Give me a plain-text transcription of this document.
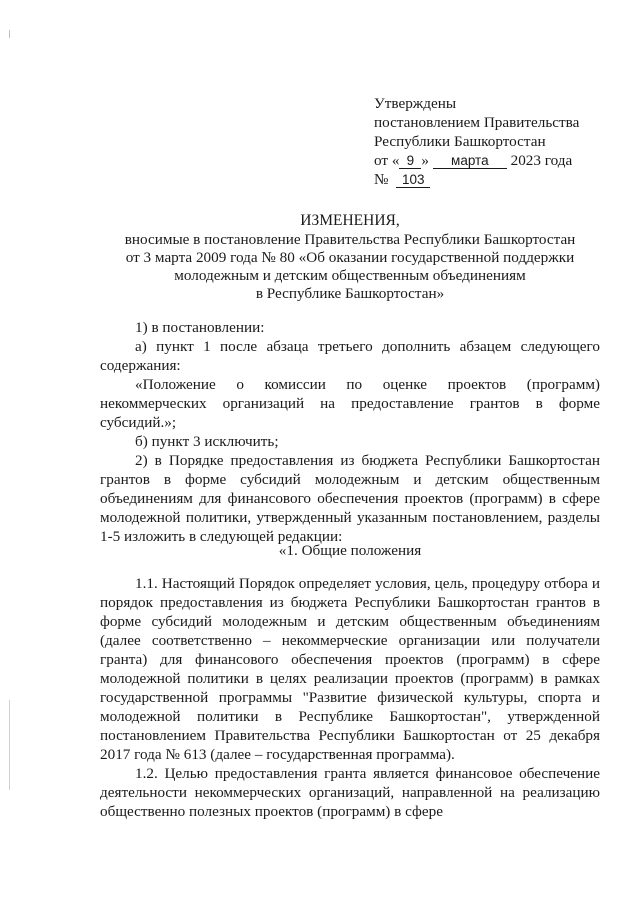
Утверждены
постановлением Правительства
Республики Башкортостан
от « 9 » марта 2023 года
№ 103
ИЗМЕНЕНИЯ,
вносимые в постановление Правительства Республики Башкортостан
от 3 марта 2009 года № 80 «Об оказании государственной поддержки
молодежным и детским общественным объединениям
в Республике Башкортостан»

1) в постановлении:

а) пункт 1 после абзаца третьего дополнить абзацем следующего содержания:

«Положение о комиссии по оценке проектов (программ) некоммерческих организаций на предоставление грантов в форме субсидий.»;

б) пункт 3 исключить;

2) в Порядке предоставления из бюджета Республики Башкортостан грантов в форме субсидий молодежным и детским общественным объединениям для финансового обеспечения проектов (программ) в сфере молодежной политики, утвержденный указанным постановлением, разделы 1-5 изложить в следующей редакции:

«1. Общие положения

1.1. Настоящий Порядок определяет условия, цель, процедуру отбора и порядок предоставления из бюджета Республики Башкортостан грантов в форме субсидий молодежным и детским общественным объединениям (далее соответственно – некоммерческие организации или получатели гранта) для финансового обеспечения проектов (программ) в сфере молодежной политики в целях реализации проектов (программ) в рамках государственной программы "Развитие физической культуры, спорта и молодежной политики в Республике Башкортостан", утвержденной постановлением Правительства Республики Башкортостан от 25 декабря 2017 года № 613 (далее – государственная программа).

1.2. Целью предоставления гранта является финансовое обеспечение деятельности некоммерческих организаций, направленной на реализацию общественно полезных проектов (программ) в сфере
